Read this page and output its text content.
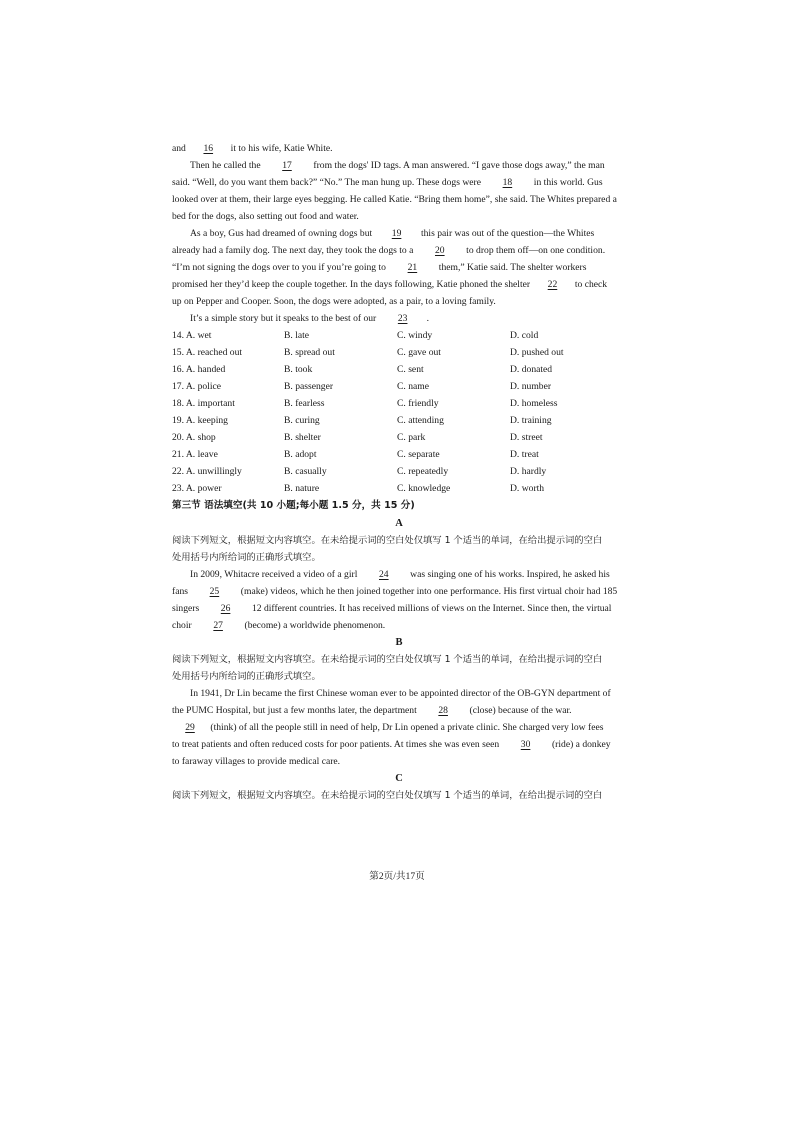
and 16 it to his wife, Katie White.
Then he called the 17 from the dogs' ID tags. A man answered. “I gave those dogs away,” the man
said. “Well, do you want them back?” “No.” The man hung up. These dogs were 18 in this world. Gus
looked over at them, their large eyes begging. He called Katie. “Bring them home”, she said. The Whites prepared a
bed for the dogs, also setting out food and water.
As a boy, Gus had dreamed of owning dogs but 19 this pair was out of the question—the Whites
already had a family dog. The next day, they took the dogs to a 20 to drop them off—on one condition.
“I’m not signing the dogs over to you if you’re going to 21 them,” Katie said. The shelter workers
promised her they’d keep the couple together. In the days following, Katie phoned the shelter 22 to check
up on Pepper and Cooper. Soon, the dogs were adopted, as a pair, to a loving family.
It’s a simple story but it speaks to the best of our 23 .
14. A. wet	B. late	C. windy	D. cold
15. A. reached out	B. spread out	C. gave out	D. pushed out
16. A. handed	B. took	C. sent	D. donated
17. A. police	B. passenger	C. name	D. number
18. A. important	B. fearless	C. friendly	D. homeless
19. A. keeping	B. curing	C. attending	D. training
20. A. shop	B. shelter	C. park	D. street
21. A. leave	B. adopt	C. separate	D. treat
22. A. unwillingly	B. casually	C. repeatedly	D. hardly
23. A. power	B. nature	C. knowledge	D. worth
第三节 语法填空(共 10 小题;每小题 1.5 分，共 15 分)
A
阅读下列短文，根据短文内容填空。在未给提示词的空白处仅填写 1 个适当的单词，在给出提示词的空白
处用括号内所给词的正确形式填空。
In 2009, Whitacre received a video of a girl 24 was singing one of his works. Inspired, he asked his
fans 25 (make) videos, which he then joined together into one performance. His first virtual choir had 185
singers 26 12 different countries. It has received millions of views on the Internet. Since then, the virtual
choir 27 (become) a worldwide phenomenon.
B
阅读下列短文，根据短文内容填空。在未给提示词的空白处仅填写 1 个适当的单词，在给出提示词的空白
处用括号内所给词的正确形式填空。
In 1941, Dr Lin became the first Chinese woman ever to be appointed director of the OB-GYN department of
the PUMC Hospital, but just a few months later, the department 28 (close) because of the war.
29 (think) of all the people still in need of help, Dr Lin opened a private clinic. She charged very low fees
to treat patients and often reduced costs for poor patients. At times she was even seen 30 (ride) a donkey
to faraway villages to provide medical care.
C
阅读下列短文，根据短文内容填空。在未给提示词的空白处仅填写 1 个适当的单词，在给出提示词的空白
第2页/共17页
